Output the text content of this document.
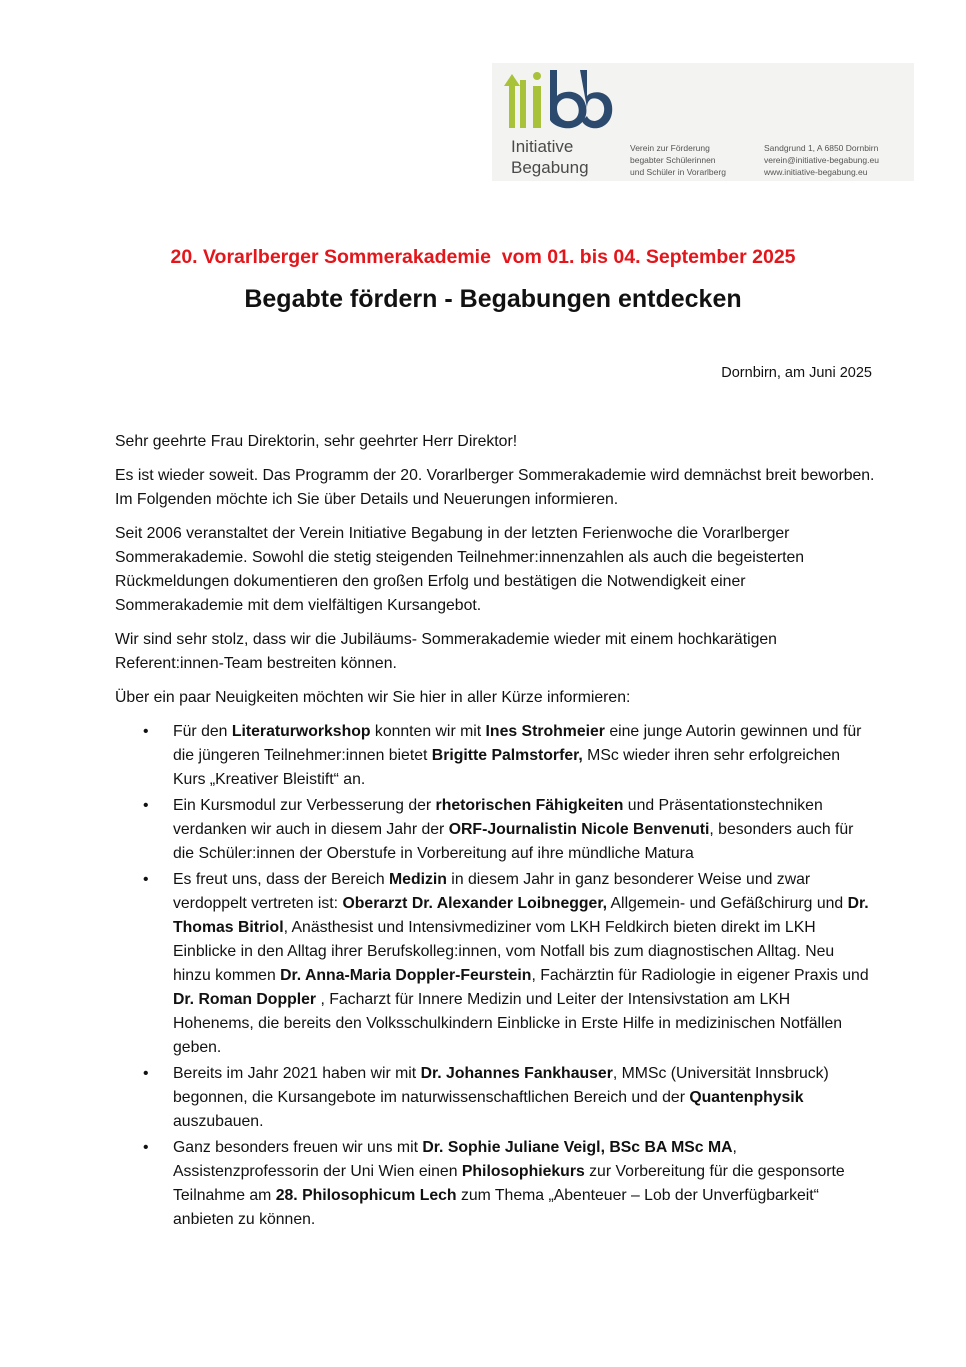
Initiative
Begabung
Verein zur Förderung
begabter Schülerinnen
und Schüler in Vorarlberg
Sandgrund 1, A 6850 Dornbirn
verein@initiative-begabung.eu
www.initiative-begabung.eu
20. Vorarlberger Sommerakademie  vom 01. bis 04. September 2025
Begabte fördern - Begabungen entdecken
Dornbirn, am Juni 2025

Sehr geehrte Frau Direktorin, sehr geehrter Herr Direktor!

Es ist wieder soweit. Das Programm der 20. Vorarlberger Sommerakademie wird demnächst breit beworben. Im Folgenden möchte ich Sie über Details und Neuerungen informieren.

Seit 2006 veranstaltet der Verein Initiative Begabung in der letzten Ferienwoche die Vorarlberger Sommerakademie. Sowohl die stetig steigenden Teilnehmer:innenzahlen als auch die begeisterten Rückmeldungen dokumentieren den großen Erfolg und bestätigen die Notwendigkeit einer Sommerakademie mit dem vielfältigen Kursangebot.

Wir sind sehr stolz, dass wir die Jubiläums- Sommerakademie wieder mit einem hochkarätigen Referent:innen-Team bestreiten können.

Über ein paar Neuigkeiten möchten wir Sie hier in aller Kürze informieren:

• Für den Literaturworkshop konnten wir mit Ines Strohmeier eine junge Autorin gewinnen und für die jüngeren Teilnehmer:innen bietet Brigitte Palmstorfer, MSc wieder ihren sehr erfolgreichen Kurs „Kreativer Bleistift“ an.
• Ein Kursmodul zur Verbesserung der rhetorischen Fähigkeiten und Präsentationstechniken verdanken wir auch in diesem Jahr der ORF-Journalistin Nicole Benvenuti, besonders auch für die Schüler:innen der Oberstufe in Vorbereitung auf ihre mündliche Matura
• Es freut uns, dass der Bereich Medizin in diesem Jahr in ganz besonderer Weise und zwar verdoppelt vertreten ist: Oberarzt Dr. Alexander Loibnegger, Allgemein- und Gefäßchirurg und Dr. Thomas Bitriol, Anästhesist und Intensivmediziner vom LKH Feldkirch bieten direkt im LKH Einblicke in den Alltag ihrer Berufskolleg:innen, vom Notfall bis zum diagnostischen Alltag. Neu hinzu kommen Dr. Anna-Maria Doppler-Feurstein, Fachärztin für Radiologie in eigener Praxis und Dr. Roman Doppler , Facharzt für Innere Medizin und Leiter der Intensivstation am LKH Hohenems, die bereits den Volksschulkindern Einblicke in Erste Hilfe in medizinischen Notfällen geben.
• Bereits im Jahr 2021 haben wir mit Dr. Johannes Fankhauser, MMSc (Universität Innsbruck) begonnen, die Kursangebote im naturwissenschaftlichen Bereich und der Quantenphysik auszubauen.
• Ganz besonders freuen wir uns mit Dr. Sophie Juliane Veigl, BSc BA MSc MA, Assistenzprofessorin der Uni Wien einen Philosophiekurs zur Vorbereitung für die gesponsorte Teilnahme am 28. Philosophicum Lech zum Thema „Abenteuer – Lob der Unverfügbarkeit“ anbieten zu können.
